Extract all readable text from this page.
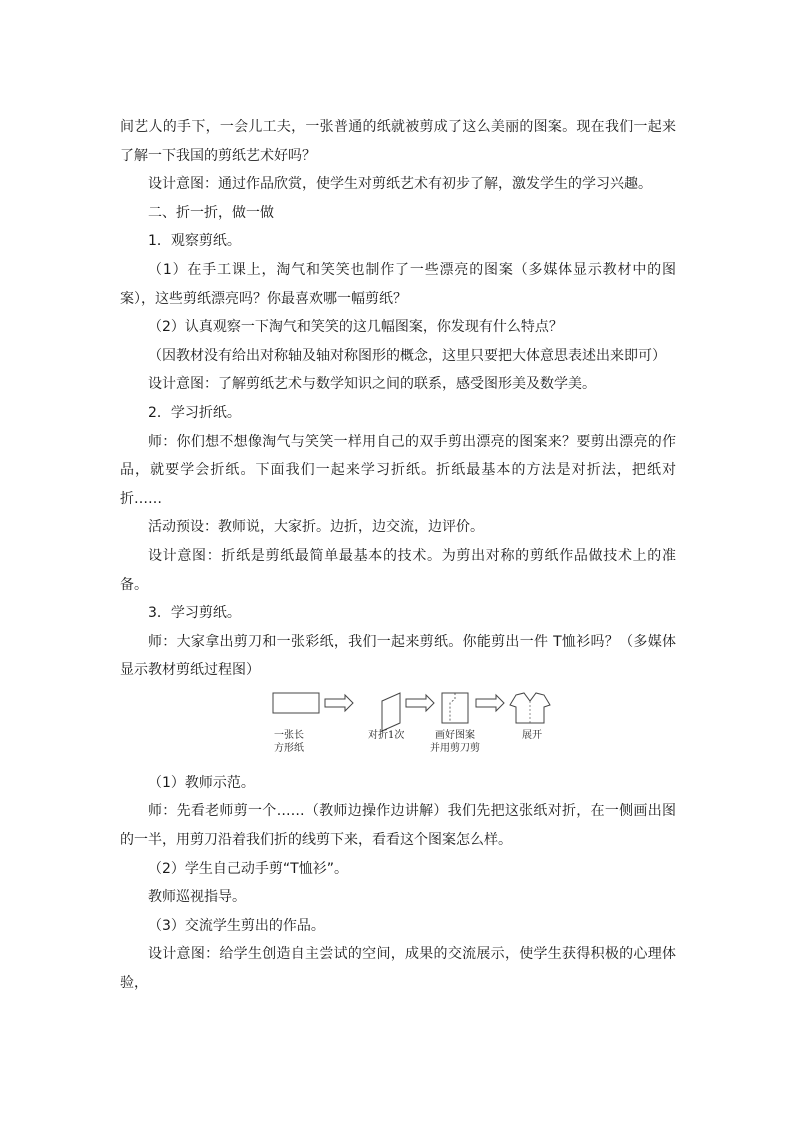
间艺人的手下，一会儿工夫，一张普通的纸就被剪成了这么美丽的图案。现在我们一起来了解一下我国的剪纸艺术好吗？

设计意图：通过作品欣赏，使学生对剪纸艺术有初步了解，激发学生的学习兴趣。

二、折一折，做一做

1．观察剪纸。

（1）在手工课上，淘气和笑笑也制作了一些漂亮的图案（多媒体显示教材中的图案），这些剪纸漂亮吗？你最喜欢哪一幅剪纸？

（2）认真观察一下淘气和笑笑的这几幅图案，你发现有什么特点？

（因教材没有给出对称轴及轴对称图形的概念，这里只要把大体意思表述出来即可）

设计意图：了解剪纸艺术与数学知识之间的联系，感受图形美及数学美。

2．学习折纸。

师：你们想不想像淘气与笑笑一样用自己的双手剪出漂亮的图案来？要剪出漂亮的作品，就要学会折纸。下面我们一起来学习折纸。折纸最基本的方法是对折法，把纸对折……

活动预设：教师说，大家折。边折，边交流，边评价。

设计意图：折纸是剪纸最简单最基本的技术。为剪出对称的剪纸作品做技术上的准备。

3．学习剪纸。

师：大家拿出剪刀和一张彩纸，我们一起来剪纸。你能剪出一件 T恤衫吗？（多媒体显示教材剪纸过程图）

一张长
方形纸
对折1次	画好图案
并用剪刀剪
展开

（1）教师示范。

师：先看老师剪一个……（教师边操作边讲解）我们先把这张纸对折，在一侧画出图的一半，用剪刀沿着我们折的线剪下来，看看这个图案怎么样。

（2）学生自己动手剪“T恤衫”。

教师巡视指导。

（3）交流学生剪出的作品。

设计意图：给学生创造自主尝试的空间，成果的交流展示，使学生获得积极的心理体验，
